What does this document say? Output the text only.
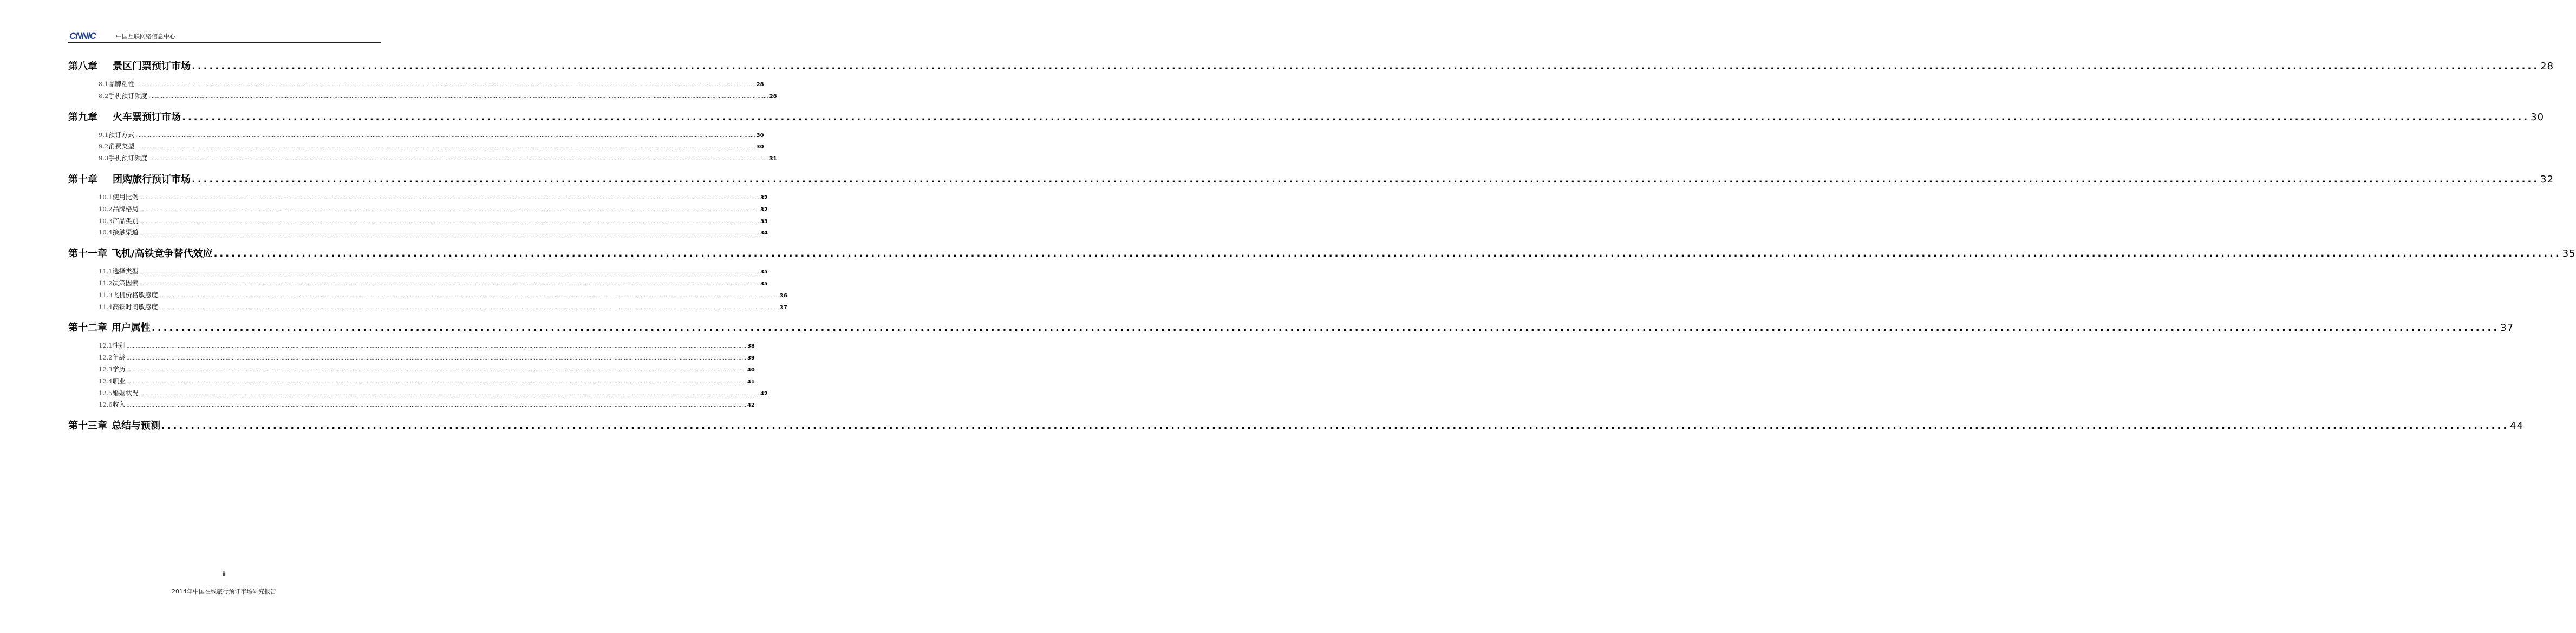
CNNIC	中国互联网络信息中心
第八章 景区门票预订市场 ................................................................................................................................................................................................................................................................................................................................................................................................................ 28
8.1 品牌粘性 ................................................................................................................................................................................................................................................................................................................................................................................................................ 28
8.2 手机预订频度 ................................................................................................................................................................................................................................................................................................................................................................................................................ 28
第九章 火车票预订市场 ................................................................................................................................................................................................................................................................................................................................................................................................................ 30
9.1 预订方式 ................................................................................................................................................................................................................................................................................................................................................................................................................ 30
9.2 消费类型 ................................................................................................................................................................................................................................................................................................................................................................................................................ 30
9.3 手机预订频度 ................................................................................................................................................................................................................................................................................................................................................................................................................ 31
第十章 团购旅行预订市场 ................................................................................................................................................................................................................................................................................................................................................................................................................ 32
10.1 使用比例 ................................................................................................................................................................................................................................................................................................................................................................................................................ 32
10.2 品牌格局 ................................................................................................................................................................................................................................................................................................................................................................................................................ 32
10.3 产品类别 ................................................................................................................................................................................................................................................................................................................................................................................................................ 33
10.4 接触渠道 ................................................................................................................................................................................................................................................................................................................................................................................................................ 34
第十一章 飞机/高铁竞争替代效应 ................................................................................................................................................................................................................................................................................................................................................................................................................ 35
11.1 选择类型 ................................................................................................................................................................................................................................................................................................................................................................................................................ 35
11.2 决策因素 ................................................................................................................................................................................................................................................................................................................................................................................................................ 35
11.3 飞机价格敏感度 ................................................................................................................................................................................................................................................................................................................................................................................................................ 36
11.4 高铁时间敏感度 ................................................................................................................................................................................................................................................................................................................................................................................................................ 37
第十二章 用户属性 ................................................................................................................................................................................................................................................................................................................................................................................................................ 37
12.1 性别 ................................................................................................................................................................................................................................................................................................................................................................................................................ 38
12.2 年龄 ................................................................................................................................................................................................................................................................................................................................................................................................................ 39
12.3 学历 ................................................................................................................................................................................................................................................................................................................................................................................................................ 40
12.4 职业 ................................................................................................................................................................................................................................................................................................................................................................................................................ 41
12.5 婚姻状况 ................................................................................................................................................................................................................................................................................................................................................................................................................ 42
12.6 收入 ................................................................................................................................................................................................................................................................................................................................................................................................................ 42
第十三章 总结与预测 ................................................................................................................................................................................................................................................................................................................................................................................................................ 44
ii
2014年中国在线旅行预订市场研究报告
